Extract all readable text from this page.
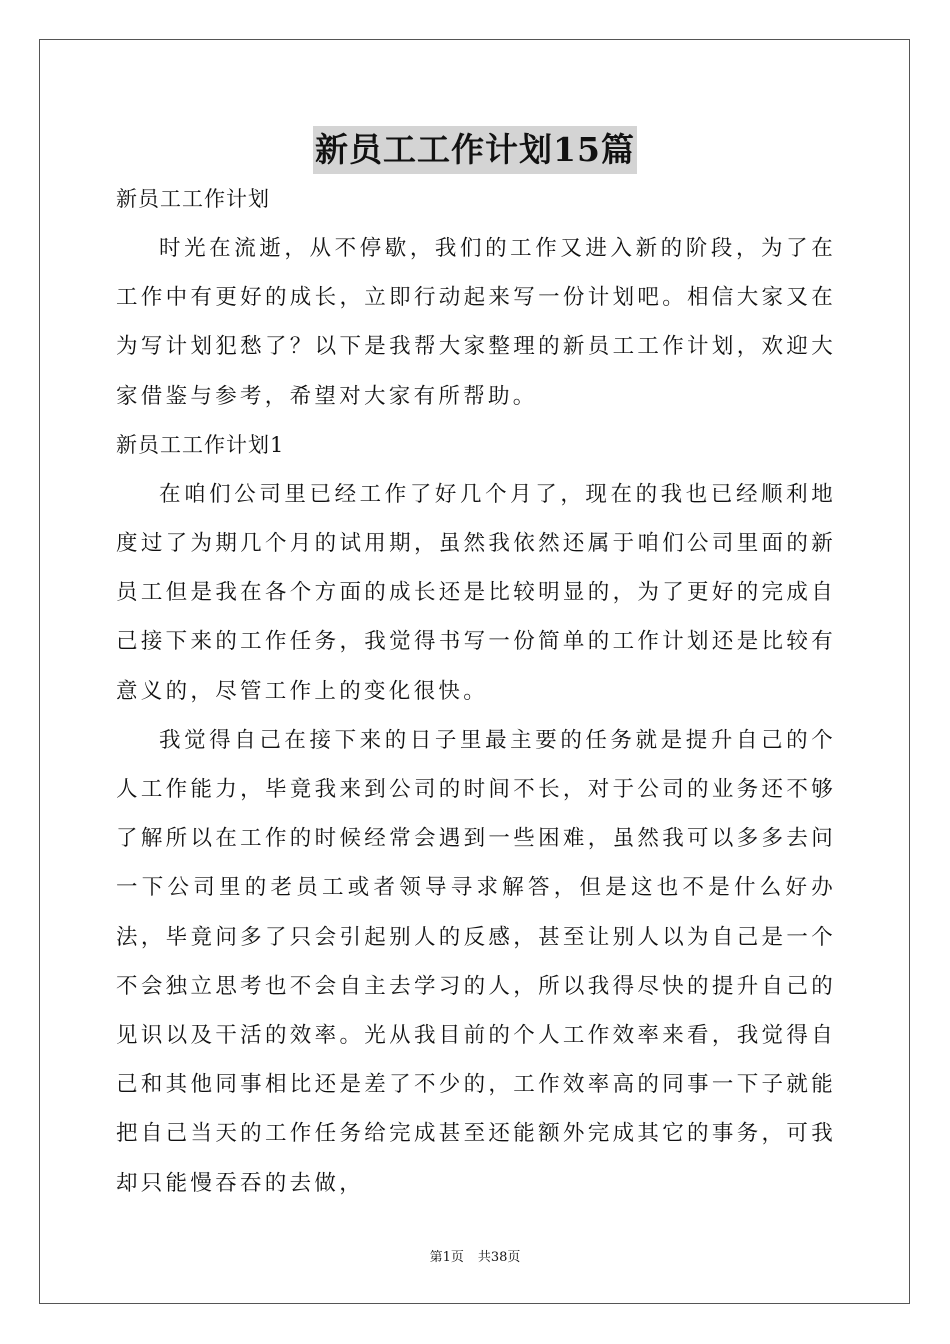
新员工工作计划15篇

新员工工作计划

时光在流逝，从不停歇，我们的工作又进入新的阶段，为了在工作中有更好的成长，立即行动起来写一份计划吧。相信大家又在为写计划犯愁了？以下是我帮大家整理的新员工工作计划，欢迎大家借鉴与参考，希望对大家有所帮助。

新员工工作计划1

在咱们公司里已经工作了好几个月了，现在的我也已经顺利地度过了为期几个月的试用期，虽然我依然还属于咱们公司里面的新员工但是我在各个方面的成长还是比较明显的，为了更好的完成自己接下来的工作任务，我觉得书写一份简单的工作计划还是比较有意义的，尽管工作上的变化很快。

我觉得自己在接下来的日子里最主要的任务就是提升自己的个人工作能力，毕竟我来到公司的时间不长，对于公司的业务还不够了解所以在工作的时候经常会遇到一些困难，虽然我可以多多去问一下公司里的老员工或者领导寻求解答，但是这也不是什么好办法，毕竟问多了只会引起别人的反感，甚至让别人以为自己是一个不会独立思考也不会自主去学习的人，所以我得尽快的提升自己的见识以及干活的效率。光从我目前的个人工作效率来看，我觉得自己和其他同事相比还是差了不少的，工作效率高的同事一下子就能把自己当天的工作任务给完成甚至还能额外完成其它的事务，可我却只能慢吞吞的去做，

第1页 共38页
